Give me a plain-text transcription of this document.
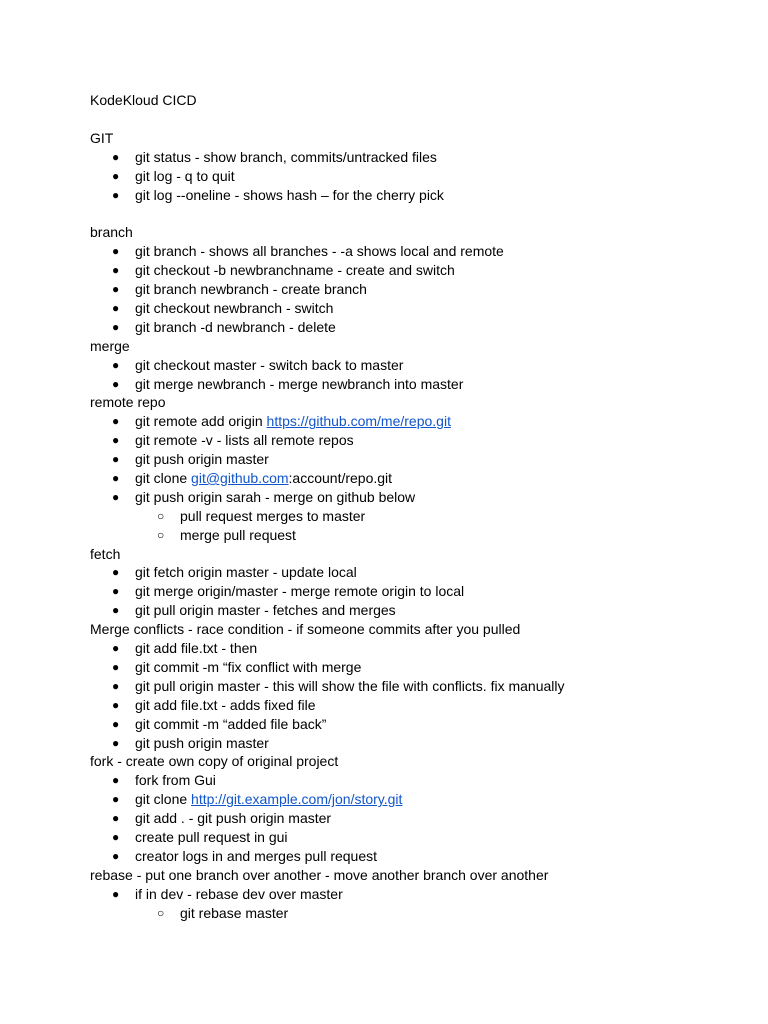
KodeKloud CICD
GIT
● git status - show branch, commits/untracked files
● git log - q to quit
● git log --oneline - shows hash – for the cherry pick
branch
● git branch - shows all branches - -a shows local and remote
● git checkout -b newbranchname - create and switch
● git branch newbranch - create branch
● git checkout newbranch - switch
● git branch -d newbranch - delete
merge
● git checkout master - switch back to master
● git merge newbranch - merge newbranch into master
remote repo
● git remote add origin https://github.com/me/repo.git
● git remote -v - lists all remote repos
● git push origin master
● git clone git@github.com:account/repo.git
● git push origin sarah - merge on github below
○ pull request merges to master
○ merge pull request
fetch
● git fetch origin master - update local
● git merge origin/master - merge remote origin to local
● git pull origin master - fetches and merges
Merge conflicts - race condition - if someone commits after you pulled
● git add file.txt - then
● git commit -m “fix conflict with merge
● git pull origin master - this will show the file with conflicts. fix manually
● git add file.txt - adds fixed file
● git commit -m “added file back”
● git push origin master
fork - create own copy of original project
● fork from Gui
● git clone http://git.example.com/jon/story.git
● git add . - git push origin master
● create pull request in gui
● creator logs in and merges pull request
rebase - put one branch over another - move another branch over another
● if in dev - rebase dev over master
○ git rebase master
